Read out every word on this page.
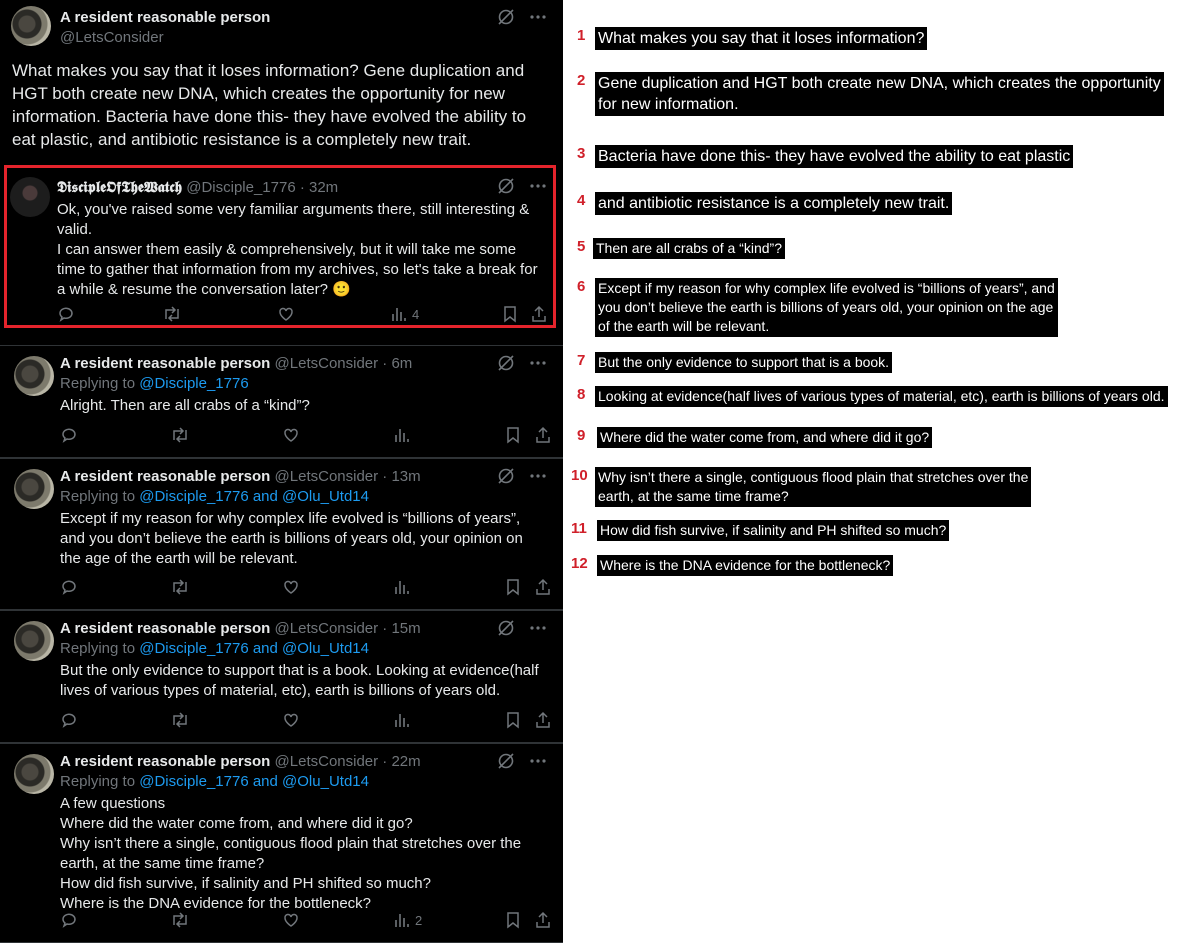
A resident reasonable person
@LetsConsider
What makes you say that it loses information? Gene duplication and HGT both create new DNA, which creates the opportunity for new information. Bacteria have done this- they have evolved the ability to eat plastic, and antibiotic resistance is a completely new trait.
𝕯𝖎𝖘𝖈𝖎𝖕𝖑𝖊𝕺𝖋𝕿𝖍𝖊𝖂𝖆𝖙𝖈𝖍 @Disciple_1776 · 32m
Ok, you've raised some very familiar arguments there, still interesting & valid.
I can answer them easily & comprehensively, but it will take me some time to gather that information from my archives, so let's take a break for a while & resume the conversation later? 🙂
4
A resident reasonable person @LetsConsider · 6m
Replying to @Disciple_1776
Alright. Then are all crabs of a “kind”?
A resident reasonable person @LetsConsider · 13m
Replying to @Disciple_1776 and @Olu_Utd14
Except if my reason for why complex life evolved is “billions of years”, and you don’t believe the earth is billions of years old, your opinion on the age of the earth will be relevant.
A resident reasonable person @LetsConsider · 15m
Replying to @Disciple_1776 and @Olu_Utd14
But the only evidence to support that is a book. Looking at evidence(half lives of various types of material, etc), earth is billions of years old.
A resident reasonable person @LetsConsider · 22m
Replying to @Disciple_1776 and @Olu_Utd14
A few questions
Where did the water come from, and where did it go?
Why isn’t there a single, contiguous flood plain that stretches over the earth, at the same time frame?
How did fish survive, if salinity and PH shifted so much?
Where is the DNA evidence for the bottleneck?
2
1 What makes you say that it loses information?
2 Gene duplication and HGT both create new DNA, which creates the opportunity
for new information.
3 Bacteria have done this- they have evolved the ability to eat plastic
4 and antibiotic resistance is a completely new trait.
5 Then are all crabs of a “kind”?
6 Except if my reason for why complex life evolved is “billions of years”, and
you don’t believe the earth is billions of years old, your opinion on the age
of the earth will be relevant.
7 But the only evidence to support that is a book.
8 Looking at evidence(half lives of various types of material, etc), earth is billions of years old.
9 Where did the water come from, and where did it go?
10 Why isn’t there a single, contiguous flood plain that stretches over the
earth, at the same time frame?
11 How did fish survive, if salinity and PH shifted so much?
12 Where is the DNA evidence for the bottleneck?
